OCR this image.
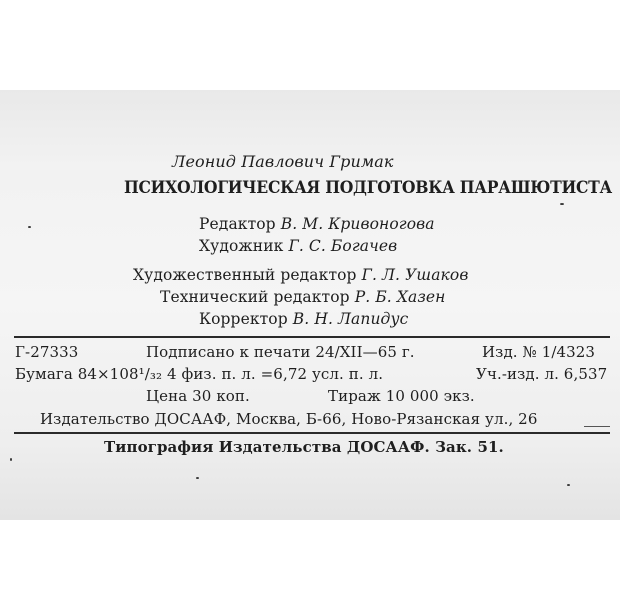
Леонид Павлович Гримак
ПСИХОЛОГИЧЕСКАЯ ПОДГОТОВКА ПАРАШЮТИСТА
Редактор В. М. Кривоногова
Художник Г. С. Богачев
Художественный редактор Г. Л. Ушаков
Технический редактор Р. Б. Хазен
Корректор В. Н. Лапидус
Г-27333	Подписано к печати 24/XII—65 г.	Изд. № 1/4323
Бумага 84×108¹/₃₂ 4 физ. п. л. =6,72 усл. п. л.	Уч.-изд. л. 6,537
Цена 30 коп.	Тираж 10 000 экз.
Издательство ДОСААФ, Москва, Б-66, Ново-Рязанская ул., 26
Типография Издательства ДОСААФ. Зак. 51.
